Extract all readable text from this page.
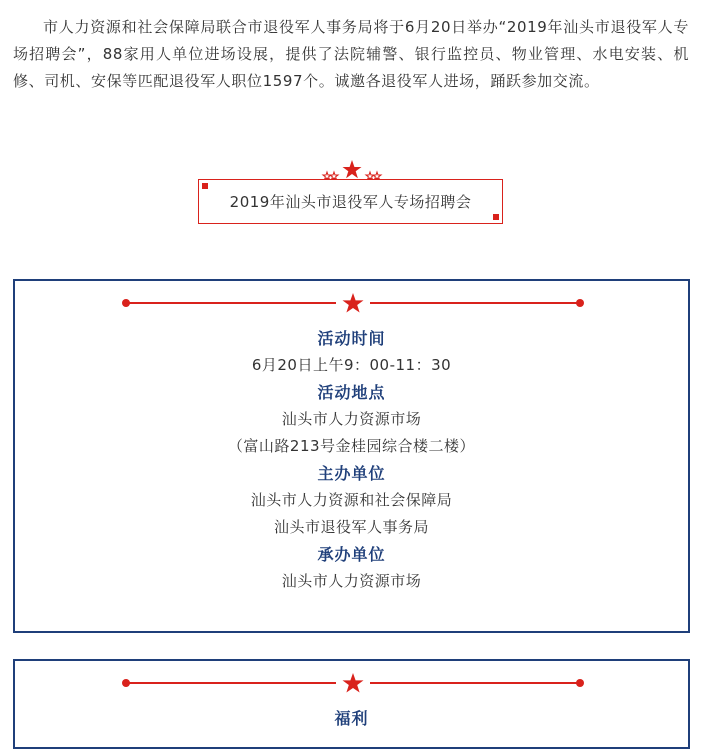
市人力资源和社会保障局联合市退役军人事务局将于6月20日举办“2019年汕头市退役军人专场招聘会”，88家用人单位进场设展，提供了法院辅警、银行监控员、物业管理、水电安装、机修、司机、安保等匹配退役军人职位1597个。诚邀各退役军人进场，踊跃参加交流。

2019年汕头市退役军人专场招聘会
活动时间
6月20日上午9：00-11：30
活动地点
汕头市人力资源市场
（富山路213号金桂园综合楼二楼）
主办单位
汕头市人力资源和社会保障局
汕头市退役军人事务局
承办单位
汕头市人力资源市场
福利
